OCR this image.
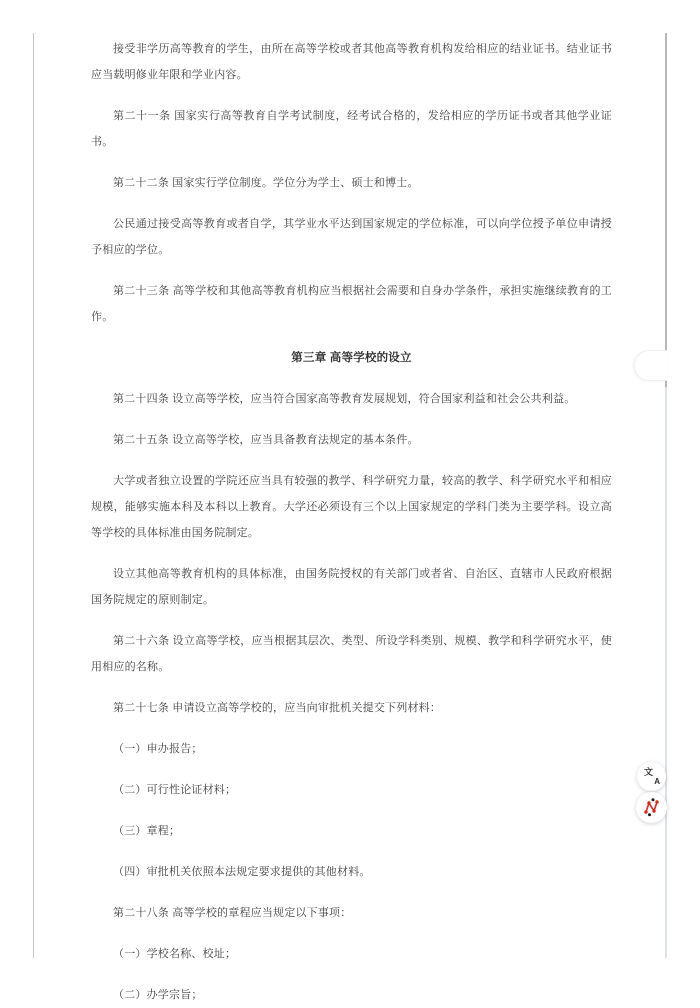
接受非学历高等教育的学生，由所在高等学校或者其他高等教育机构发给相应的结业证书。结业证书应当载明修业年限和学业内容。

第二十一条 国家实行高等教育自学考试制度，经考试合格的，发给相应的学历证书或者其他学业证书。

第二十二条 国家实行学位制度。学位分为学士、硕士和博士。

公民通过接受高等教育或者自学，其学业水平达到国家规定的学位标准，可以向学位授予单位申请授予相应的学位。

第二十三条 高等学校和其他高等教育机构应当根据社会需要和自身办学条件，承担实施继续教育的工作。

第三章 高等学校的设立

第二十四条 设立高等学校，应当符合国家高等教育发展规划，符合国家利益和社会公共利益。

第二十五条 设立高等学校，应当具备教育法规定的基本条件。

大学或者独立设置的学院还应当具有较强的教学、科学研究力量，较高的教学、科学研究水平和相应规模，能够实施本科及本科以上教育。大学还必须设有三个以上国家规定的学科门类为主要学科。设立高等学校的具体标准由国务院制定。

设立其他高等教育机构的具体标准，由国务院授权的有关部门或者省、自治区、直辖市人民政府根据国务院规定的原则制定。

第二十六条 设立高等学校，应当根据其层次、类型、所设学科类别、规模、教学和科学研究水平，使用相应的名称。

第二十七条 申请设立高等学校的，应当向审批机关提交下列材料：

（一）申办报告；

（二）可行性论证材料；

（三）章程；

（四）审批机关依照本法规定要求提供的其他材料。

第二十八条 高等学校的章程应当规定以下事项：

（一）学校名称、校址；

（二）办学宗旨；

文
A
